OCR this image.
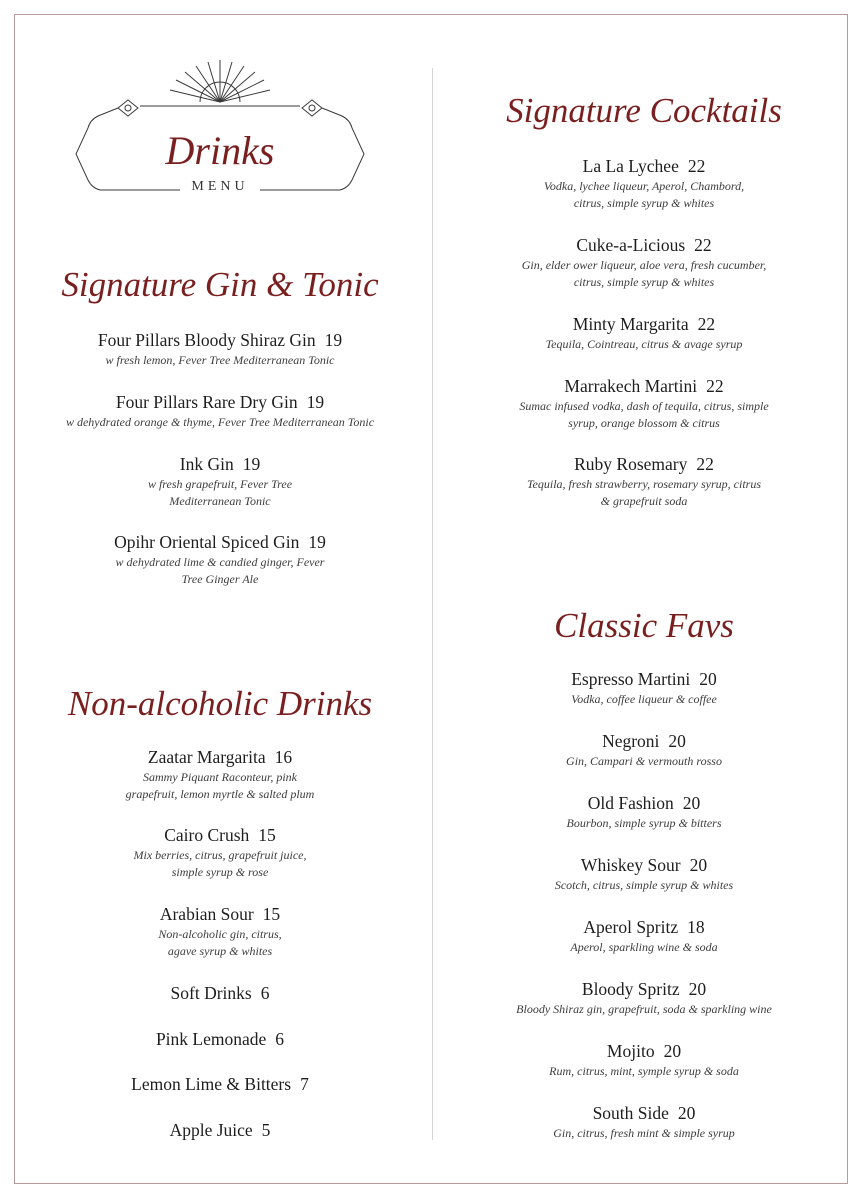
Drinks
MENU
Signature Gin & Tonic
Four Pillars Bloody Shiraz Gin 19
w fresh lemon, Fever Tree Mediterranean Tonic
Four Pillars Rare Dry Gin 19
w dehydrated orange & thyme, Fever Tree Mediterranean Tonic
Ink Gin 19
w fresh grapefruit, Fever Tree
Mediterranean Tonic
Opihr Oriental Spiced Gin 19
w dehydrated lime & candied ginger, Fever
Tree Ginger Ale
Non-alcoholic Drinks
Zaatar Margarita 16
Sammy Piquant Raconteur, pink
grapefruit, lemon myrtle & salted plum
Cairo Crush 15
Mix berries, citrus, grapefruit juice,
simple syrup & rose
Arabian Sour 15
Non-alcoholic gin, citrus,
agave syrup & whites
Soft Drinks 6
Pink Lemonade 6
Lemon Lime & Bitters 7
Apple Juice 5
Signature Cocktails
La La Lychee 22
Vodka, lychee liqueur, Aperol, Chambord,
citrus, simple syrup & whites
Cuke-a-Licious 22
Gin, elder ower liqueur, aloe vera, fresh cucumber,
citrus, simple syrup & whites
Minty Margarita 22
Tequila, Cointreau, citrus & avage syrup
Marrakech Martini 22
Sumac infused vodka, dash of tequila, citrus, simple
syrup, orange blossom & citrus
Ruby Rosemary 22
Tequila, fresh strawberry, rosemary syrup, citrus
& grapefruit soda
Classic Favs
Espresso Martini 20
Vodka, coffee liqueur & coffee
Negroni 20
Gin, Campari & vermouth rosso
Old Fashion 20
Bourbon, simple syrup & bitters
Whiskey Sour 20
Scotch, citrus, simple syrup & whites
Aperol Spritz 18
Aperol, sparkling wine & soda
Bloody Spritz 20
Bloody Shiraz gin, grapefruit, soda & sparkling wine
Mojito 20
Rum, citrus, mint, symple syrup & soda
South Side 20
Gin, citrus, fresh mint & simple syrup
